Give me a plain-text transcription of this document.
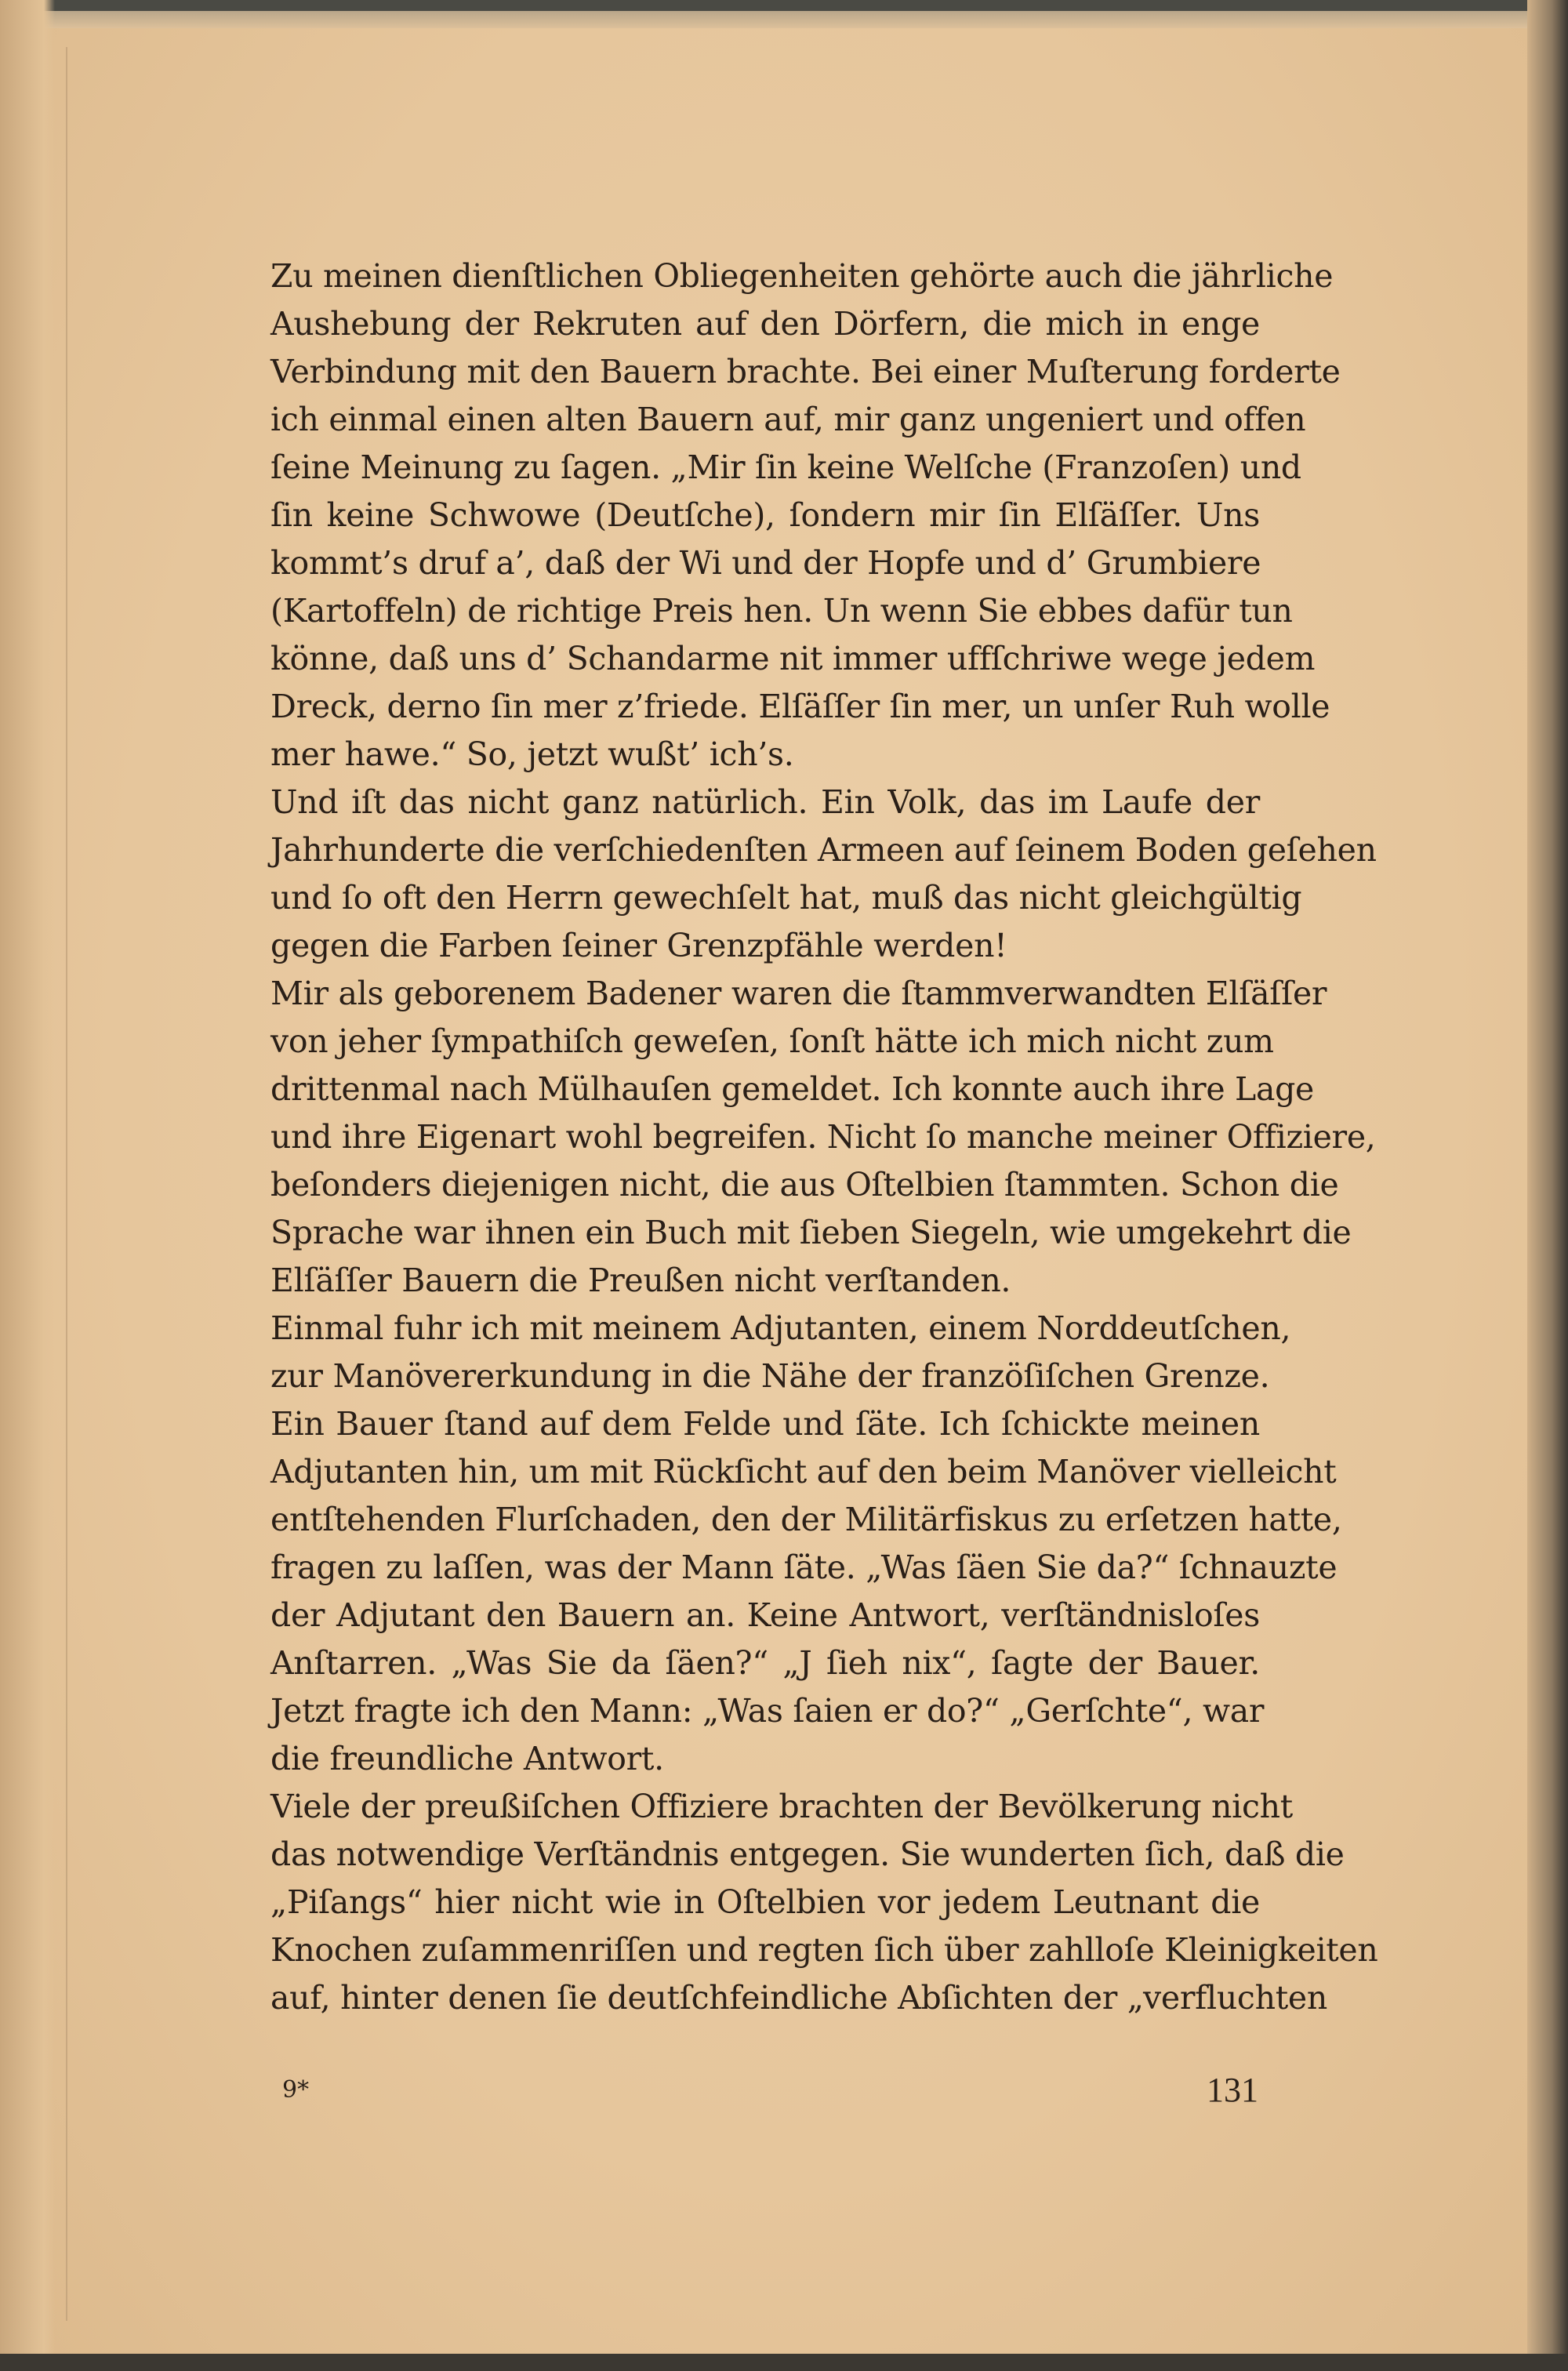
Zu meinen dienſtlichen Obliegenheiten gehörte auch die jährliche
Aushebung der Rekruten auf den Dörfern, die mich in enge
Verbindung mit den Bauern brachte. Bei einer Muſterung forderte
ich einmal einen alten Bauern auf, mir ganz ungeniert und offen
ſeine Meinung zu ſagen. „Mir ſin keine Welſche (Franzoſen) und
ſin keine Schwowe (Deutſche), ſondern mir ſin Elſäſſer. Uns
kommt’s druf a’, daß der Wi und der Hopfe und d’ Grumbiere
(Kartoffeln) de richtige Preis hen. Un wenn Sie ebbes dafür tun
könne, daß uns d’ Schandarme nit immer uffſchriwe wege jedem
Dreck, derno ſin mer z’friede. Elſäſſer ſin mer, un unſer Ruh wolle
mer hawe.“ So, jetzt wußt’ ich’s.
Und iſt das nicht ganz natürlich. Ein Volk, das im Laufe der
Jahrhunderte die verſchiedenſten Armeen auf ſeinem Boden geſehen
und ſo oft den Herrn gewechſelt hat, muß das nicht gleichgültig
gegen die Farben ſeiner Grenzpfähle werden!
Mir als geborenem Badener waren die ſtammverwandten Elſäſſer
von jeher ſympathiſch geweſen, ſonſt hätte ich mich nicht zum
drittenmal nach Mülhauſen gemeldet. Ich konnte auch ihre Lage
und ihre Eigenart wohl begreifen. Nicht ſo manche meiner Offiziere,
beſonders diejenigen nicht, die aus Oſtelbien ſtammten. Schon die
Sprache war ihnen ein Buch mit ſieben Siegeln, wie umgekehrt die
Elſäſſer Bauern die Preußen nicht verſtanden.
Einmal fuhr ich mit meinem Adjutanten, einem Norddeutſchen,
zur Manövererkundung in die Nähe der franzöſiſchen Grenze.
Ein Bauer ſtand auf dem Felde und ſäte. Ich ſchickte meinen
Adjutanten hin, um mit Rückſicht auf den beim Manöver vielleicht
entſtehenden Flurſchaden, den der Militärfiskus zu erſetzen hatte,
fragen zu laſſen, was der Mann ſäte. „Was ſäen Sie da?“ ſchnauzte
der Adjutant den Bauern an. Keine Antwort, verſtändnisloſes
Anſtarren. „Was Sie da ſäen?“ „J ſieh nix“, ſagte der Bauer.
Jetzt fragte ich den Mann: „Was ſaien er do?“ „Gerſchte“, war
die freundliche Antwort.
Viele der preußiſchen Offiziere brachten der Bevölkerung nicht
das notwendige Verſtändnis entgegen. Sie wunderten ſich, daß die
„Piſangs“ hier nicht wie in Oſtelbien vor jedem Leutnant die
Knochen zuſammenriſſen und regten ſich über zahlloſe Kleinigkeiten
auf, hinter denen ſie deutſchfeindliche Abſichten der „verfluchten
9*	131
